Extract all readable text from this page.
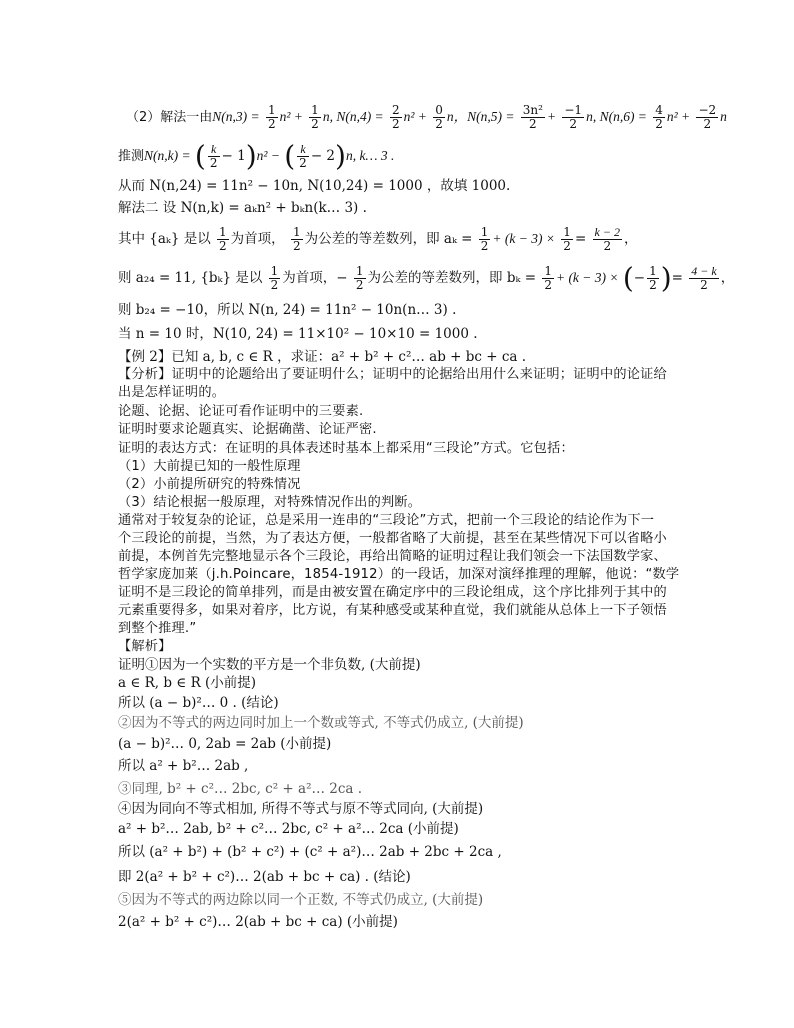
（2）解法一由$N(n,3) = \frac{1}{2} n^2 + \frac{1}{2} n$, $N(n,4) = \frac{2}{2} n^2 + \frac{0}{2}$ n，$N(n,5) = \frac{\text{3n²}}{2} + \frac{-1}{2} n$, $N(n,6) = \frac{4}{2} n^2 + \frac{-2}{2}$ n
推测N(n,k) = ( $\frac{k}{2} - 1)n^2$ − ( $\frac{k}{2} - 2)n$, k… 3 .
从而 N(n,24) = 11n² − 10n, N(10,24) = 1000 ，故填 1000.
解法二 设 N(n,k) = aₖn² + bₖn(k… 3) .
其中 {aₖ} 是以 $\frac{1}{2}$ 为首项， $\frac{1}{2}$ 为公差的等差数列，即 $a_k = \frac{1}{2} + (k - 3) \times \frac{1}{2} = \frac{k - 2}{2}$ ，
则 a₂₄ = 11, {bₖ} 是以 $\frac{1}{2}$ 为首项，− $\frac{1}{2}$ 为公差的等差数列，即 $b_k = \frac{1}{2} + (k - 3)$ × (− $\frac{1}{2}$ )= $\frac{4 - k}{2}$ ，
则 b₂₄ = −10，所以 N(n, 24) = 11n² − 10n(n… 3) .
当 n = 10 时，N(10, 24) = 11×10² − 10×10 = 1000 .
【例 2】已知 a, b, c ∈ R ，求证：a² + b² + c²… ab + bc + ca .
【分析】证明中的论题给出了要证明什么；证明中的论据给出用什么来证明；证明中的论证给
出是怎样证明的。
论题、论据、论证可看作证明中的三要素.
证明时要求论题真实、论据确凿、论证严密.
证明的表达方式：在证明的具体表述时基本上都采用“三段论”方式。它包括：
（1）大前提已知的一般性原理
（2）小前提所研究的特殊情况
（3）结论根据一般原理，对特殊情况作出的判断。
通常对于较复杂的论证，总是采用一连串的“三段论”方式，把前一个三段论的结论作为下一
个三段论的前提，当然，为了表达方便，一般都省略了大前提，甚至在某些情况下可以省略小
前提，本例首先完整地显示各个三段论，再给出简略的证明过程让我们领会一下法国数学家、
哲学家庞加莱（j.h.Poincare，1854-1912）的一段话，加深对演绎推理的理解，他说：“数学
证明不是三段论的简单排列，而是由被安置在确定序中的三段论组成，这个序比排列于其中的
元素重要得多，如果对着序，比方说，有某种感受或某种直觉，我们就能从总体上一下子领悟
到整个推理.”
【解析】
证明①因为一个实数的平方是一个非负数, (大前提)
a ∈ R, b ∈ R (小前提)
所以 (a − b)²… 0 . (结论)
②因为不等式的两边同时加上一个数或等式, 不等式仍成立, (大前提)
(a − b)²… 0, 2ab = 2ab (小前提)
所以 a² + b²… 2ab ,
③同理, b² + c²… 2bc, c² + a²… 2ca .
④因为同向不等式相加, 所得不等式与原不等式同向, (大前提)
a² + b²… 2ab, b² + c²… 2bc, c² + a²… 2ca (小前提)
所以 (a² + b²) + (b² + c²) + (c² + a²)… 2ab + 2bc + 2ca ,
即 2(a² + b² + c²)… 2(ab + bc + ca) . (结论)
⑤因为不等式的两边除以同一个正数, 不等式仍成立, (大前提)
2(a² + b² + c²)… 2(ab + bc + ca) (小前提)
